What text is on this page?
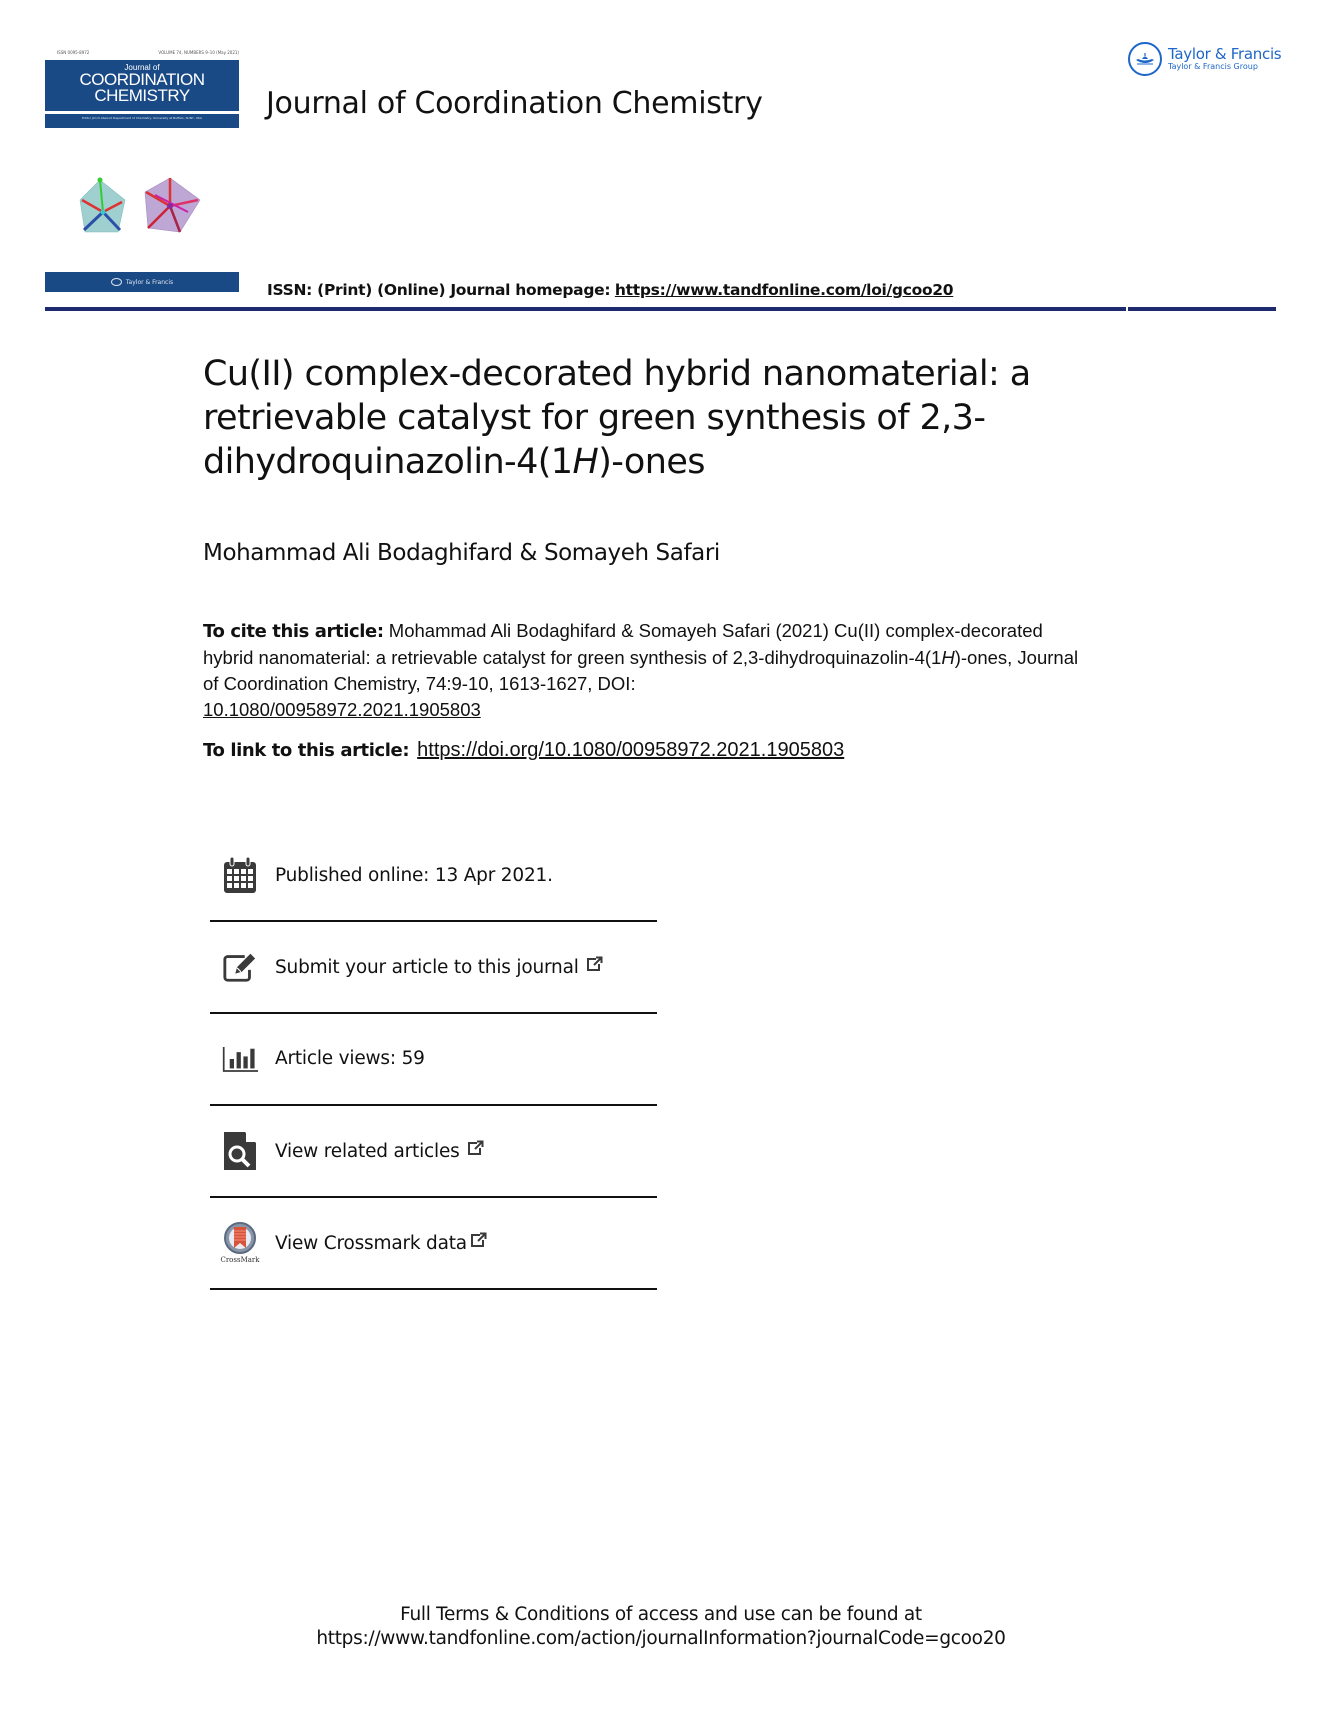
ISSN 0095-8972	VOLUME 74, NUMBERS 9–10 (May 2021)
Journal of
COORDINATION
CHEMISTRY
Editor Jim D Atwood Department of Chemistry, University at Buffalo, SUNY, USA
Taylor & Francis
Journal of Coordination Chemistry
Taylor & Francis
Taylor & Francis Group
ISSN: (Print) (Online) Journal homepage: https://www.tandfonline.com/loi/gcoo20
Cu(II) complex-decorated hybrid nanomaterial: a retrievable catalyst for green synthesis of 2,3-dihydroquinazolin-4(1H)-ones
Mohammad Ali Bodaghifard & Somayeh Safari
To cite this article: Mohammad Ali Bodaghifard & Somayeh Safari (2021) Cu(II) complex-decorated hybrid nanomaterial: a retrievable catalyst for green synthesis of 2,3-dihydroquinazolin-4(1H)-ones, Journal of Coordination Chemistry, 74:9-10, 1613-1627, DOI:
10.1080/00958972.2021.1905803
To link to this article: https://doi.org/10.1080/00958972.2021.1905803
Published online: 13 Apr 2021.
Submit your article to this journal
Article views: 59
View related articles
CrossMark
View Crossmark data
Full Terms & Conditions of access and use can be found at
https://www.tandfonline.com/action/journalInformation?journalCode=gcoo20
